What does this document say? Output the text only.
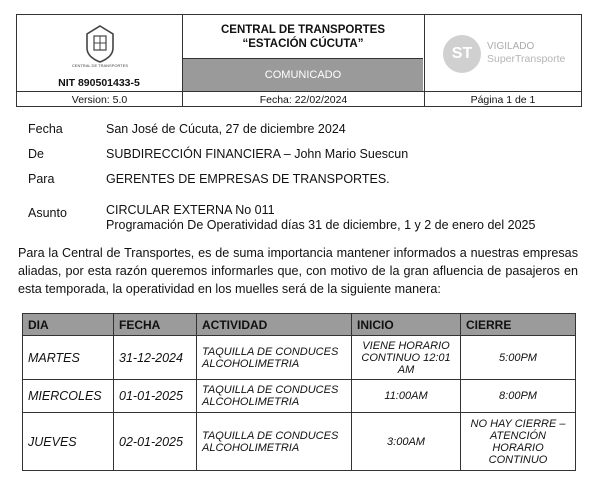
CENTRAL DE TRANSPORTES
NIT 890501433-5
CENTRAL DE TRANSPORTES “ESTACIÓN CÚCUTA”
COMUNICADO
ST	VIGILADO
SuperTransporte
Version: 5.0	Fecha: 22/02/2024	Página 1 de 1
Fecha	San José de Cúcuta, 27 de diciembre 2024
De	SUBDIRECCIÓN FINANCIERA – John Mario Suescun
Para	GERENTES DE EMPRESAS DE TRANSPORTES.
Asunto	CIRCULAR EXTERNA No 011
Programación De Operatividad días 31 de diciembre, 1 y 2 de enero del 2025
Para la Central de Transportes, es de suma importancia mantener informados a nuestras empresas aliadas, por esta razón queremos informarles que, con motivo de la gran afluencia de pasajeros en esta temporada, la operatividad en los muelles será de la siguiente manera:
DIA	FECHA	ACTIVIDAD	INICIO	CIERRE
MARTES	31-12-2024	TAQUILLA DE CONDUCES ALCOHOLIMETRIA	VIENE HORARIO CONTINUO 12:01 AM	5:00PM
MIERCOLES	01-01-2025	TAQUILLA DE CONDUCES ALCOHOLIMETRIA	11:00AM	8:00PM
JUEVES	02-01-2025	TAQUILLA DE CONDUCES ALCOHOLIMETRIA	3:00AM	NO HAY CIERRE – ATENCIÓN HORARIO CONTINUO
